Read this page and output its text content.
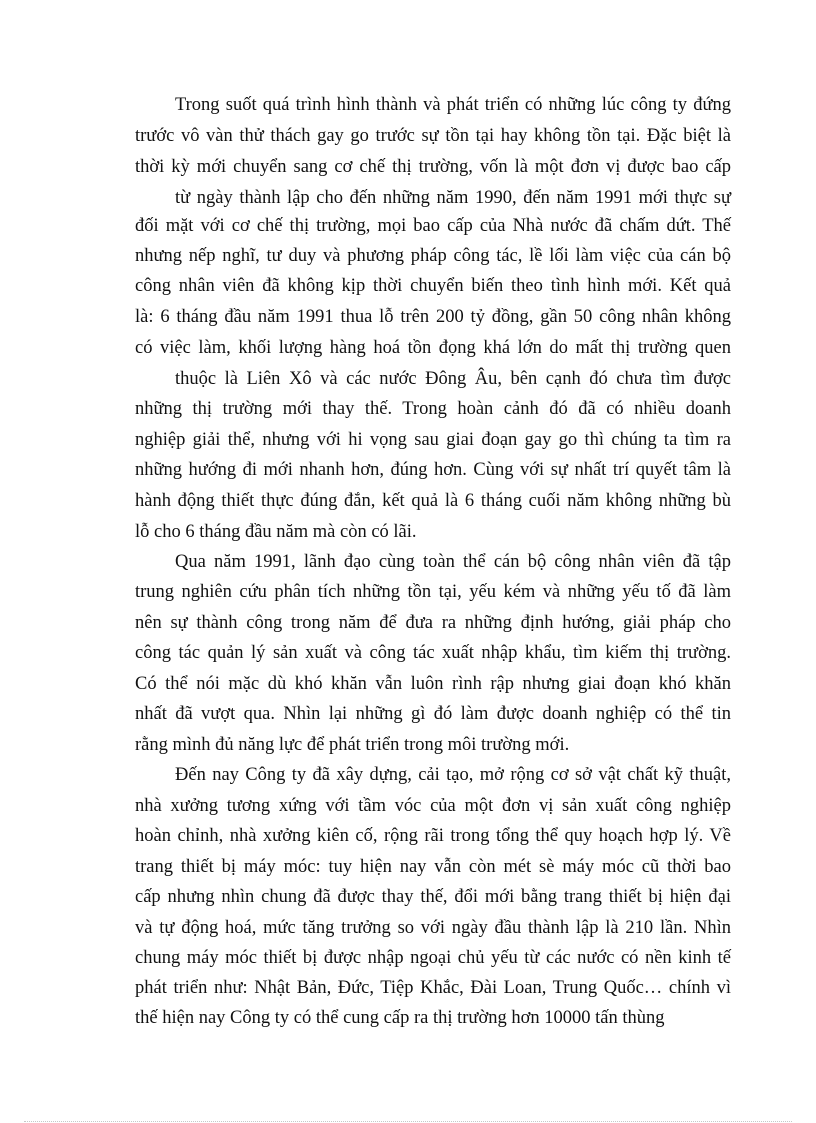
Trong suốt quá trình hình thành và phát triển có những lúc công ty đứng
trước vô vàn thử thách gay go trước sự tồn tại hay không tồn tại. Đặc biệt là
thời kỳ mới chuyển sang cơ chế thị trường, vốn là một đơn vị được bao cấp
từ ngày thành lập cho đến những năm 1990, đến năm 1991 mới thực sự
đối mặt với cơ chế thị trường, mọi bao cấp của Nhà nước đã chấm dứt. Thế
nhưng nếp nghĩ, tư duy và phương pháp công tác, lề lối làm việc của cán bộ
công nhân viên đã không kịp thời chuyển biến theo tình hình mới. Kết quả
là: 6 tháng đầu năm 1991 thua lỗ trên 200 tỷ đồng, gần 50 công nhân không
có việc làm, khối lượng hàng hoá tồn đọng khá lớn do mất thị trường quen
thuộc là Liên Xô và các nước Đông Âu, bên cạnh đó chưa tìm được
những thị trường mới thay thế. Trong hoàn cảnh đó đã có nhiều doanh
nghiệp giải thể, nhưng với hi vọng sau giai đoạn gay go thì chúng ta tìm ra
những hướng đi mới nhanh hơn, đúng hơn. Cùng với sự nhất trí quyết tâm là
hành động thiết thực đúng đắn, kết quả là 6 tháng cuối năm không những bù
lỗ cho 6 tháng đầu năm mà còn có lãi.
Qua năm 1991, lãnh đạo cùng toàn thể cán bộ công nhân viên đã tập
trung nghiên cứu phân tích những tồn tại, yếu kém và những yếu tố đã làm
nên sự thành công trong năm để đưa ra những định hướng, giải pháp cho
công tác quản lý sản xuất và công tác xuất nhập khẩu, tìm kiếm thị trường.
Có thể nói mặc dù khó khăn vẫn luôn rình rập nhưng giai đoạn khó khăn
nhất đã vượt qua. Nhìn lại những gì đó làm được doanh nghiệp có thể tin
rằng mình đủ năng lực để phát triển trong môi trường mới.
Đến nay Công ty đã xây dựng, cải tạo, mở rộng cơ sở vật chất kỹ thuật,
nhà xưởng tương xứng với tầm vóc của một đơn vị sản xuất công nghiệp
hoàn chỉnh, nhà xưởng kiên cố, rộng rãi trong tổng thể quy hoạch hợp lý. Về
trang thiết bị máy móc: tuy hiện nay vẫn còn mét sè máy móc cũ thời bao
cấp nhưng nhìn chung đã được thay thế, đổi mới bằng trang thiết bị hiện đại
và tự động hoá, mức tăng trưởng so với ngày đầu thành lập là 210 lần. Nhìn
chung máy móc thiết bị được nhập ngoại chủ yếu từ các nước có nền kinh tế
phát triển như: Nhật Bản, Đức, Tiệp Khắc, Đài Loan, Trung Quốc… chính vì
thế hiện nay Công ty có thể cung cấp ra thị trường hơn 10000 tấn thùng
